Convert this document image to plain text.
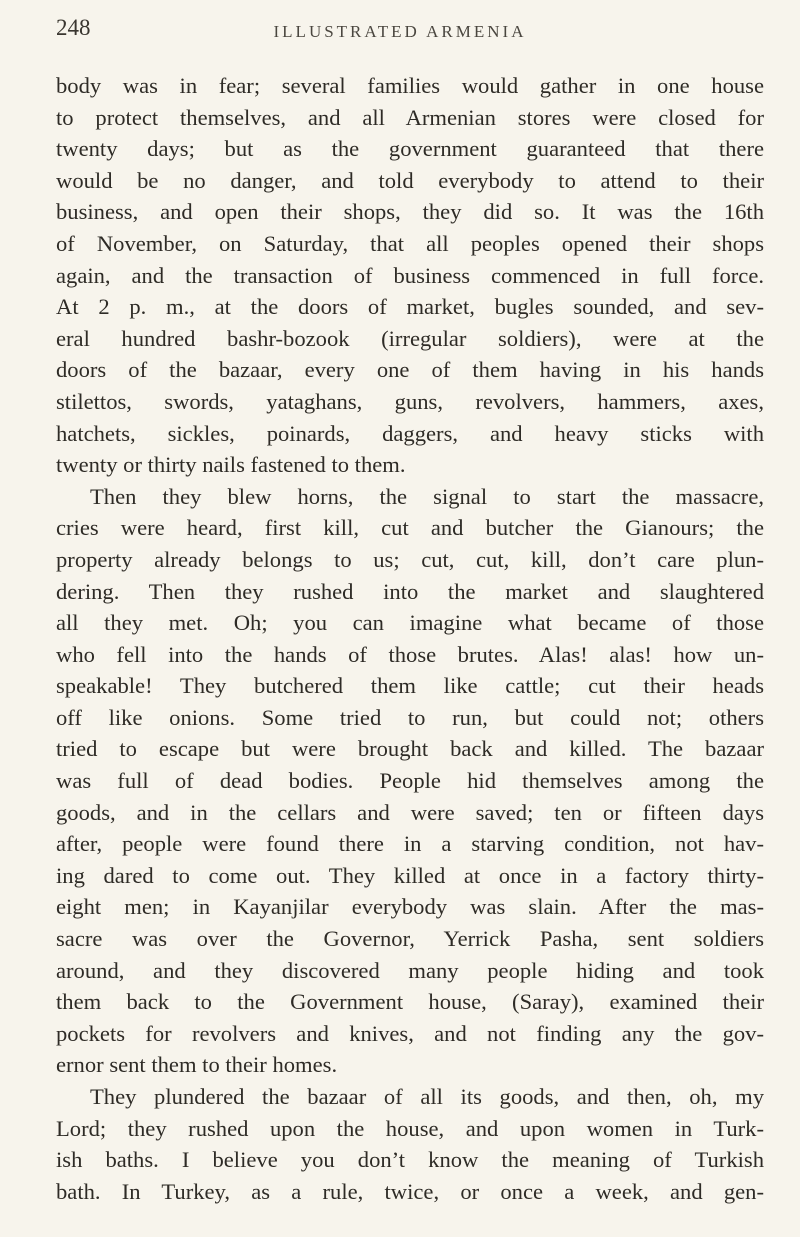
248	ILLUSTRATED ARMENIA
body was in fear; several families would gather in one house
to protect themselves, and all Armenian stores were closed for
twenty days; but as the government guaranteed that there
would be no danger, and told everybody to attend to their
business, and open their shops, they did so. It was the 16th
of November, on Saturday, that all peoples opened their shops
again, and the transaction of business commenced in full force.
At 2 p. m., at the doors of market, bugles sounded, and sev-
eral hundred bashr-bozook (irregular soldiers), were at the
doors of the bazaar, every one of them having in his hands
stilettos, swords, yataghans, guns, revolvers, hammers, axes,
hatchets, sickles, poinards, daggers, and heavy sticks with
twenty or thirty nails fastened to them.
Then they blew horns, the signal to start the massacre,
cries were heard, first kill, cut and butcher the Gianours; the
property already belongs to us; cut, cut, kill, don’t care plun-
dering. Then they rushed into the market and slaughtered
all they met. Oh; you can imagine what became of those
who fell into the hands of those brutes. Alas! alas! how un-
speakable! They butchered them like cattle; cut their heads
off like onions. Some tried to run, but could not; others
tried to escape but were brought back and killed. The bazaar
was full of dead bodies. People hid themselves among the
goods, and in the cellars and were saved; ten or fifteen days
after, people were found there in a starving condition, not hav-
ing dared to come out. They killed at once in a factory thirty-
eight men; in Kayanjilar everybody was slain. After the mas-
sacre was over the Governor, Yerrick Pasha, sent soldiers
around, and they discovered many people hiding and took
them back to the Government house, (Saray), examined their
pockets for revolvers and knives, and not finding any the gov-
ernor sent them to their homes.
They plundered the bazaar of all its goods, and then, oh, my
Lord; they rushed upon the house, and upon women in Turk-
ish baths. I believe you don’t know the meaning of Turkish
bath. In Turkey, as a rule, twice, or once a week, and gen-
